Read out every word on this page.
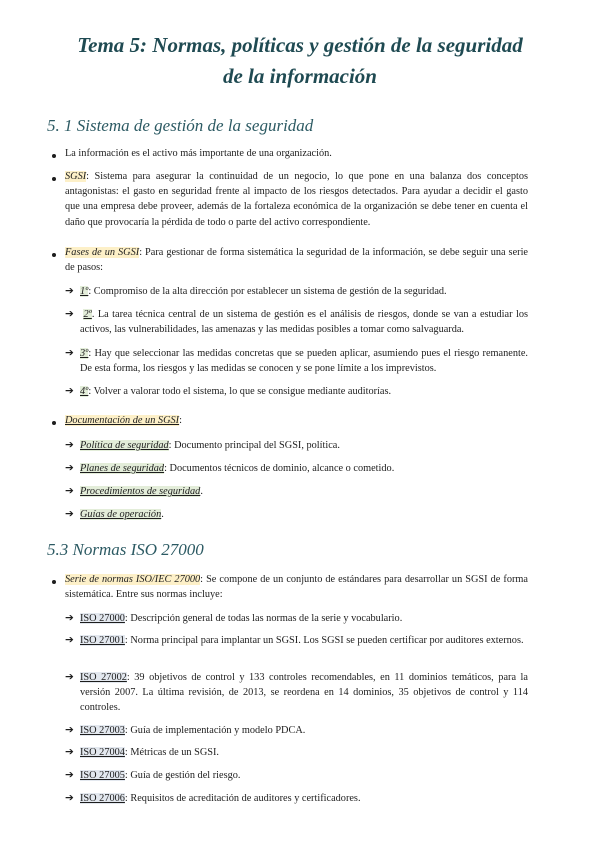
Tema 5: Normas, políticas y gestión de la seguridad
de la información
5. 1 Sistema de gestión de la seguridad
La información es el activo más importante de una organización.
SGSI: Sistema para asegurar la continuidad de un negocio, lo que pone en una balanza dos conceptos antagonistas: el gasto en seguridad frente al impacto de los riesgos detectados. Para ayudar a decidir el gasto que una empresa debe proveer, además de la fortaleza económica de la organización se debe tener en cuenta el daño que provocaría la pérdida de todo o parte del activo correspondiente.
Fases de un SGSI: Para gestionar de forma sistemática la seguridad de la información, se debe seguir una serie de pasos:
➔ 1º: Compromiso de la alta dirección por establecer un sistema de gestión de la seguridad.
➔ 2º. La tarea técnica central de un sistema de gestión es el análisis de riesgos, donde se van a estudiar los activos, las vulnerabilidades, las amenazas y las medidas posibles a tomar como salvaguarda.
➔ 3º: Hay que seleccionar las medidas concretas que se pueden aplicar, asumiendo pues el riesgo remanente. De esta forma, los riesgos y las medidas se conocen y se pone límite a los imprevistos.
➔ 4º: Volver a valorar todo el sistema, lo que se consigue mediante auditorías.
Documentación de un SGSI:
➔ Política de seguridad: Documento principal del SGSI, política.
➔ Planes de seguridad: Documentos técnicos de dominio, alcance o cometido.
➔ Procedimientos de seguridad.
➔ Guías de operación.
5.3 Normas ISO 27000
Serie de normas ISO/IEC 27000: Se compone de un conjunto de estándares para desarrollar un SGSI de forma sistemática. Entre sus normas incluye:
➔ ISO 27000: Descripción general de todas las normas de la serie y vocabulario.
➔ ISO 27001: Norma principal para implantar un SGSI. Los SGSI se pueden certificar por auditores externos.
➔ ISO 27002: 39 objetivos de control y 133 controles recomendables, en 11 dominios temáticos, para la versión 2007. La última revisión, de 2013, se reordena en 14 dominios, 35 objetivos de control y 114 controles.
➔ ISO 27003: Guía de implementación y modelo PDCA.
➔ ISO 27004: Métricas de un SGSI.
➔ ISO 27005: Guía de gestión del riesgo.
➔ ISO 27006: Requisitos de acreditación de auditores y certificadores.
